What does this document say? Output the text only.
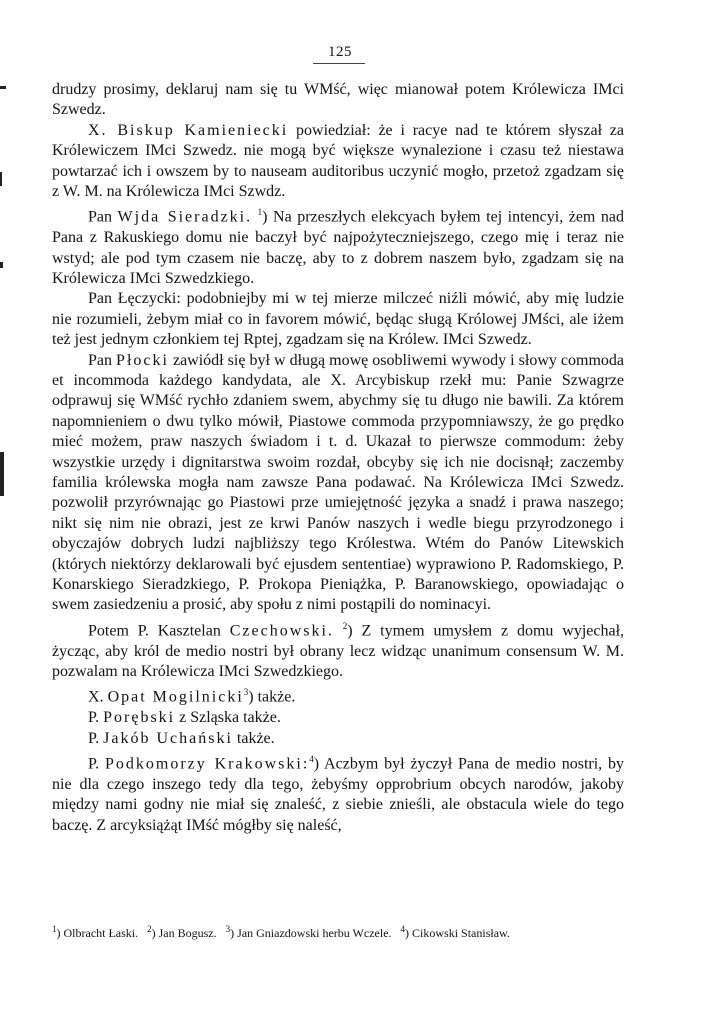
125

drudzy prosimy, deklaruj nam się tu WMść, więc mianował potem Królewicza IMci Szwedz.

X. Biskup Kamieniecki powiedział: że i racye nad te którem słyszał za Królewiczem IMci Szwedz. nie mogą być większe wynalezione i czasu też niestawa powtarzać ich i owszem by to nauseam auditoribus uczynić mogło, przetoż zgadzam się z W. M. na Królewicza IMci Szwdz.

Pan Wjda Sieradzki. $^1$) Na przeszłych elekcyach byłem tej intencyi, żem nad Pana z Rakuskiego domu nie baczył być najpożyteczniejszego, czego mię i teraz nie wstyd; ale pod tym czasem nie baczę, aby to z dobrem naszem było, zgadzam się na Królewicza IMci Szwedzkiego.

Pan Łęczycki: podobniejby mi w tej mierze milczeć niźli mówić, aby mię ludzie nie rozumieli, żebym miał co in favorem mówić, będąc sługą Królowej JMści, ale iżem też jest jednym członkiem tej Rptej, zgadzam się na Królew. IMci Szwedz.

Pan Płocki zawiódł się był w długą mowę osobliwemi wywody i słowy commoda et incommoda każdego kandydata, ale X. Arcybiskup rzekł mu: Panie Szwagrze odprawuj się WMść rychło zdaniem swem, abychmy się tu długo nie bawili. Za którem napomnieniem o dwu tylko mówił, Piastowe commoda przypomniawszy, że go prędko mieć możem, praw naszych świadom i t. d. Ukazał to pierwsze commodum: żeby wszystkie urzędy i dignitarstwa swoim rozdał, obcyby się ich nie docisnął; zaczemby familia królewska mogła nam zawsze Pana podawać. Na Królewicza IMci Szwedz. pozwolił przyrównając go Piastowi prze umiejętność języka a snadź i prawa naszego; nikt się nim nie obrazi, jest ze krwi Panów naszych i wedle biegu przyrodzonego i obyczajów dobrych ludzi najbliższy tego Królestwa. Wtém do Panów Litewskich (których niektórzy deklarowali być ejusdem sententiae) wyprawiono P. Radomskiego, P. Konarskiego Sieradzkiego, P. Prokopa Pieniążka, P. Baranowskiego, opowiadając o swem zasiedzeniu a prosić, aby społu z nimi postąpili do nominacyi.

Potem P. Kasztelan Czechowski. $^2$) Z tymem umysłem z domu wyjechał, życząc, aby król de medio nostri był obrany lecz widząc unanimum consensum W. M. pozwalam na Królewicza IMci Szwedzkiego.

X. Opat Mogilnicki$^3$) także.

P. Porębski z Szląska także.

P. Jakób Uchański także.

P. Podkomorzy Krakowski:$^4$) Aczbym był życzył Pana de medio nostri, by nie dla czego inszego tedy dla tego, żebyśmy opprobrium obcych narodów, jakoby między nami godny nie miał się znaleść, z siebie znieśli, ale obstacula wiele do tego baczę. Z arcyksiążąt IMść mógłby się naleść,

$^1$) Olbracht Łaski. $^2$) Jan Bogusz. $^3$) Jan Gniazdowski herbu Wczele. $^4$) Cikowski Stanisław.
